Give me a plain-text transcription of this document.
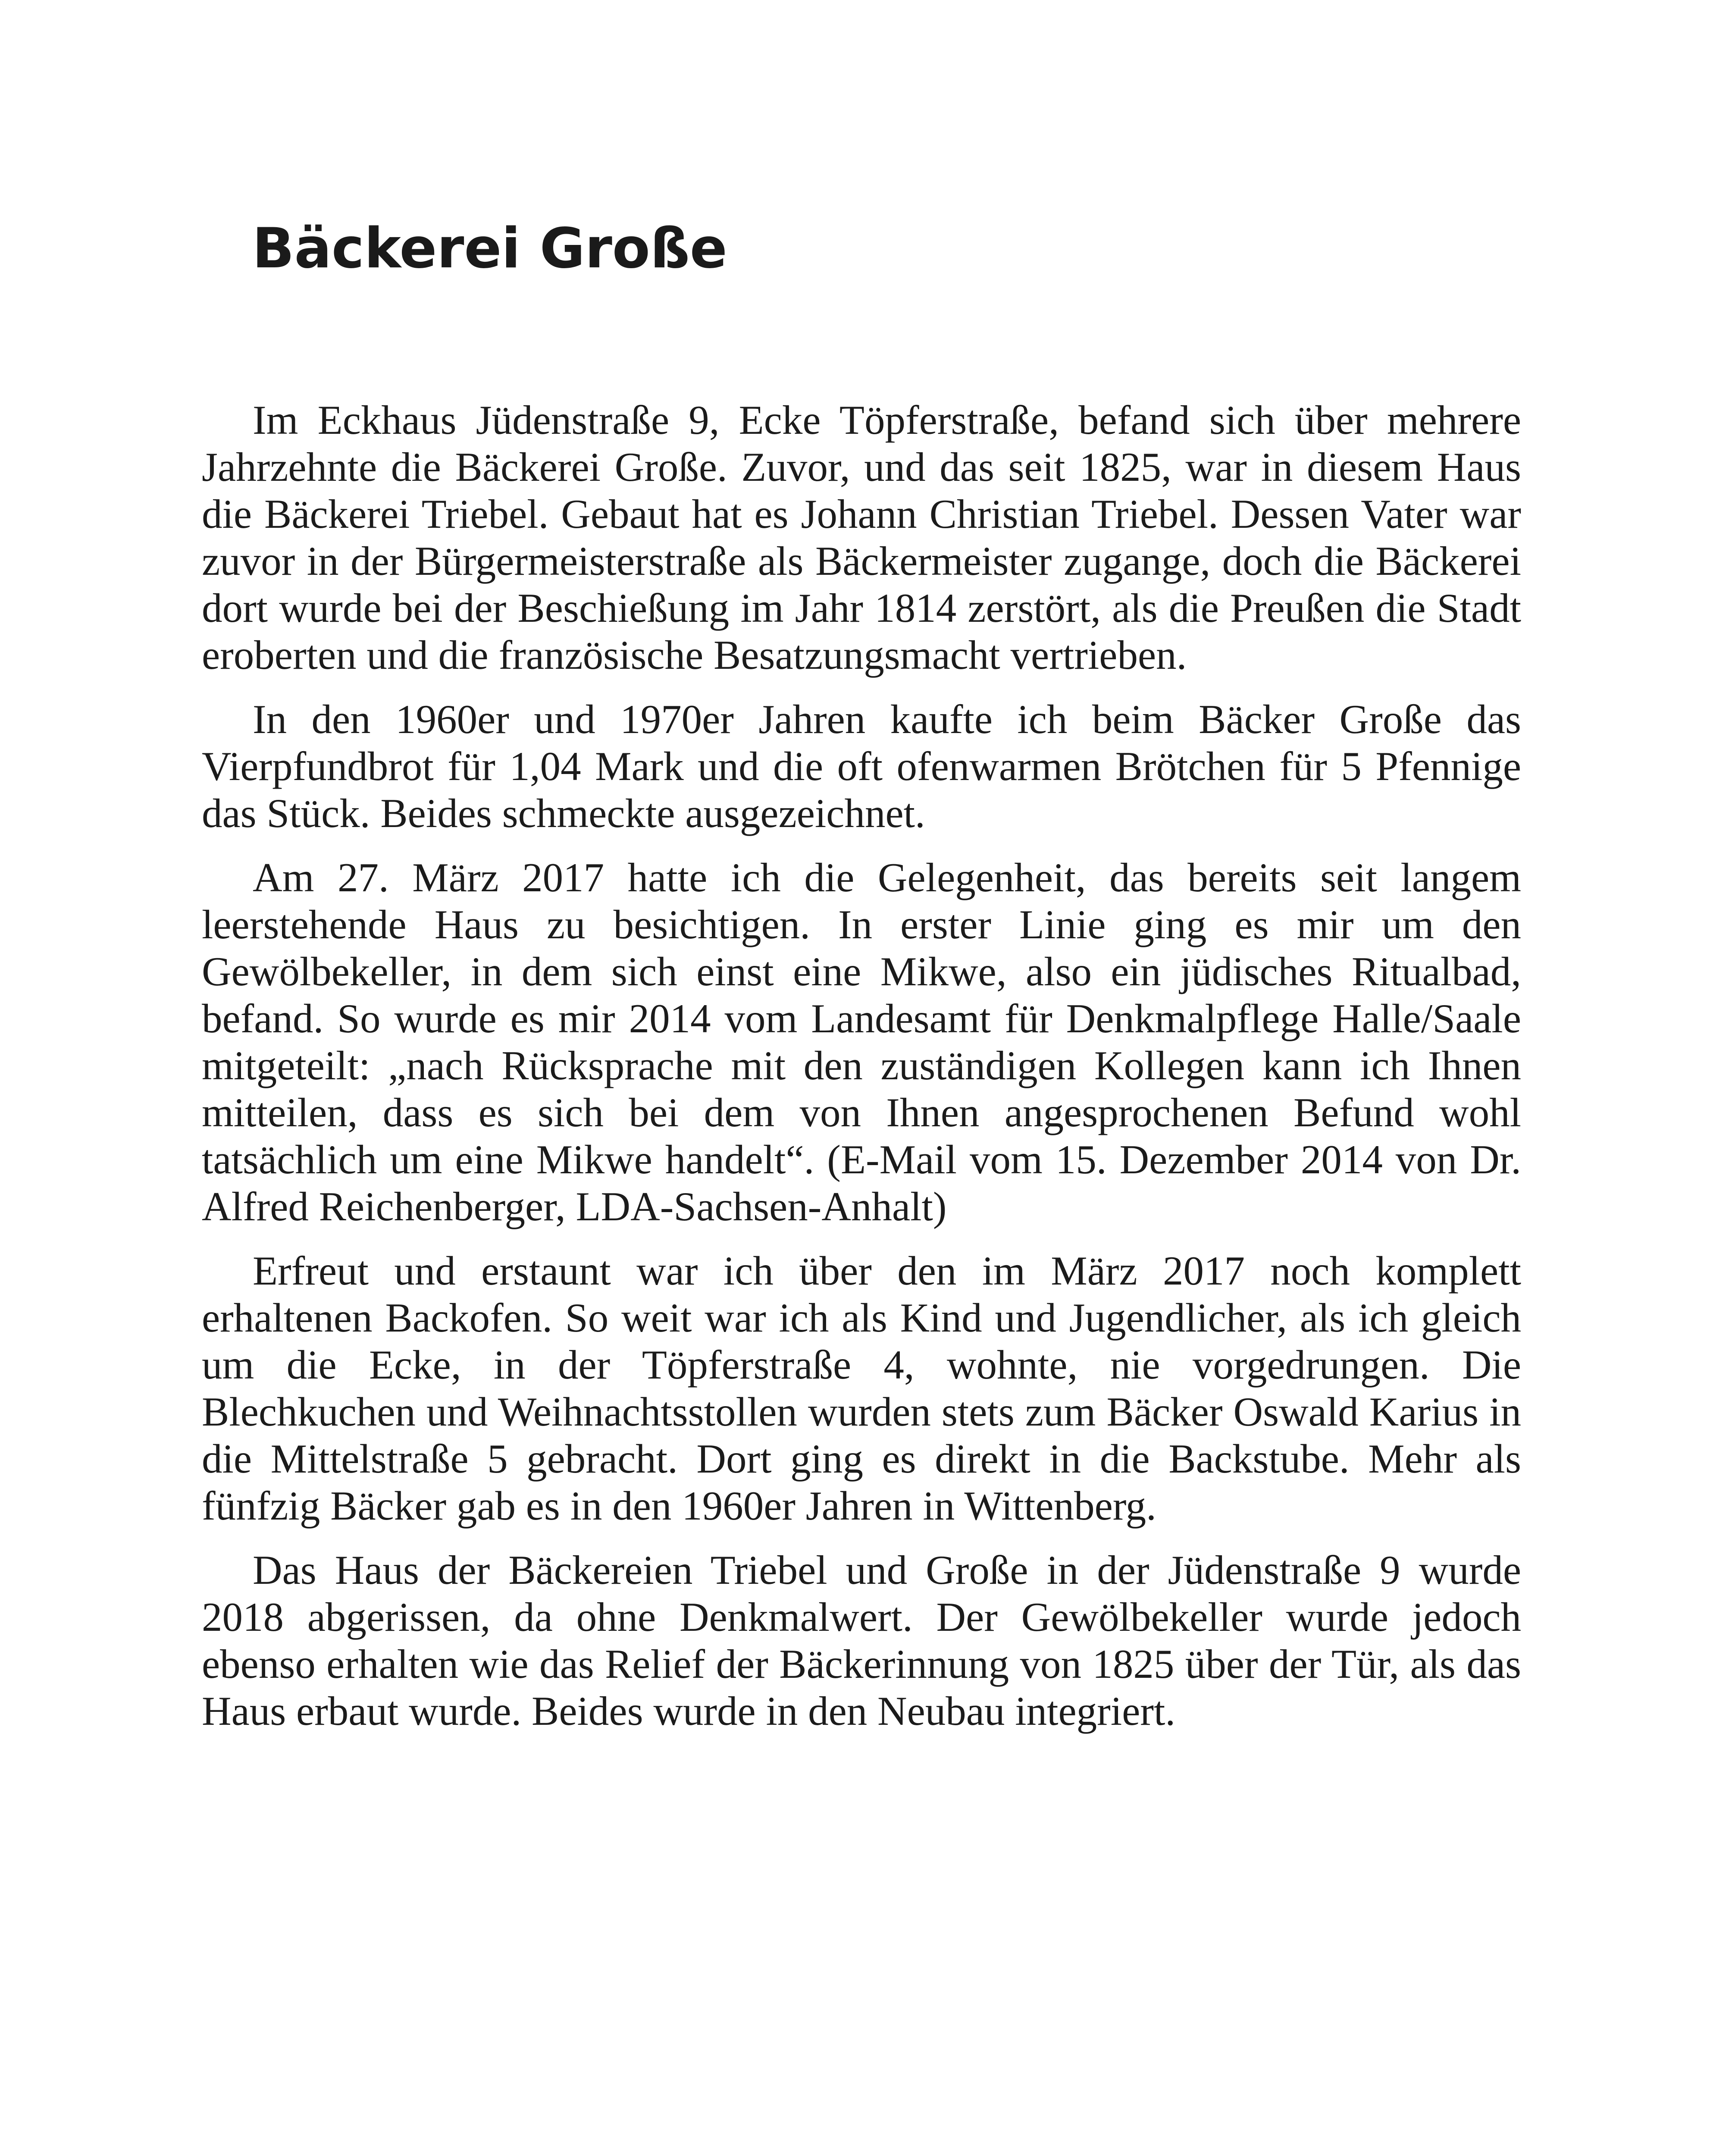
Bäckerei Große

Im Eckhaus Jüdenstraße 9, Ecke Töpferstraße, befand sich über mehrere Jahrzehnte die Bäckerei Große. Zuvor, und das seit 1825, war in diesem Haus die Bäckerei Triebel. Gebaut hat es Johann Christian Triebel. Dessen Vater war zuvor in der Bürgermeisterstraße als Bäckermeister zugange, doch die Bäckerei dort wurde bei der Beschießung im Jahr 1814 zerstört, als die Preußen die Stadt eroberten und die französische Besatzungsmacht vertrieben.

In den 1960er und 1970er Jahren kaufte ich beim Bäcker Große das Vierpfundbrot für 1,04 Mark und die oft ofenwarmen Brötchen für 5 Pfennige das Stück. Beides schmeckte ausgezeichnet.

Am 27. März 2017 hatte ich die Gelegenheit, das bereits seit langem leerstehende Haus zu besichtigen. In erster Linie ging es mir um den Gewölbekeller, in dem sich einst eine Mikwe, also ein jüdisches Ritualbad, befand. So wurde es mir 2014 vom Landesamt für Denkmalpflege Halle/Saale mitgeteilt: „nach Rücksprache mit den zuständigen Kollegen kann ich Ihnen mitteilen, dass es sich bei dem von Ihnen angesprochenen Befund wohl tatsächlich um eine Mikwe handelt“. (E-Mail vom 15. Dezember 2014 von Dr. Alfred Reichenberger, LDA-Sachsen-Anhalt)

Erfreut und erstaunt war ich über den im März 2017 noch komplett erhaltenen Backofen. So weit war ich als Kind und Jugendlicher, als ich gleich um die Ecke, in der Töpferstraße 4, wohnte, nie vorgedrungen. Die Blechkuchen und Weihnachtsstollen wurden stets zum Bäcker Oswald Karius in die Mittelstraße 5 gebracht. Dort ging es direkt in die Backstube. Mehr als fünfzig Bäcker gab es in den 1960er Jahren in Wittenberg.

Das Haus der Bäckereien Triebel und Große in der Jüdenstraße 9 wurde 2018 abgerissen, da ohne Denkmalwert. Der Gewölbekeller wurde jedoch ebenso erhalten wie das Relief der Bäckerinnung von 1825 über der Tür, als das Haus erbaut wurde. Beides wurde in den Neubau integriert.
